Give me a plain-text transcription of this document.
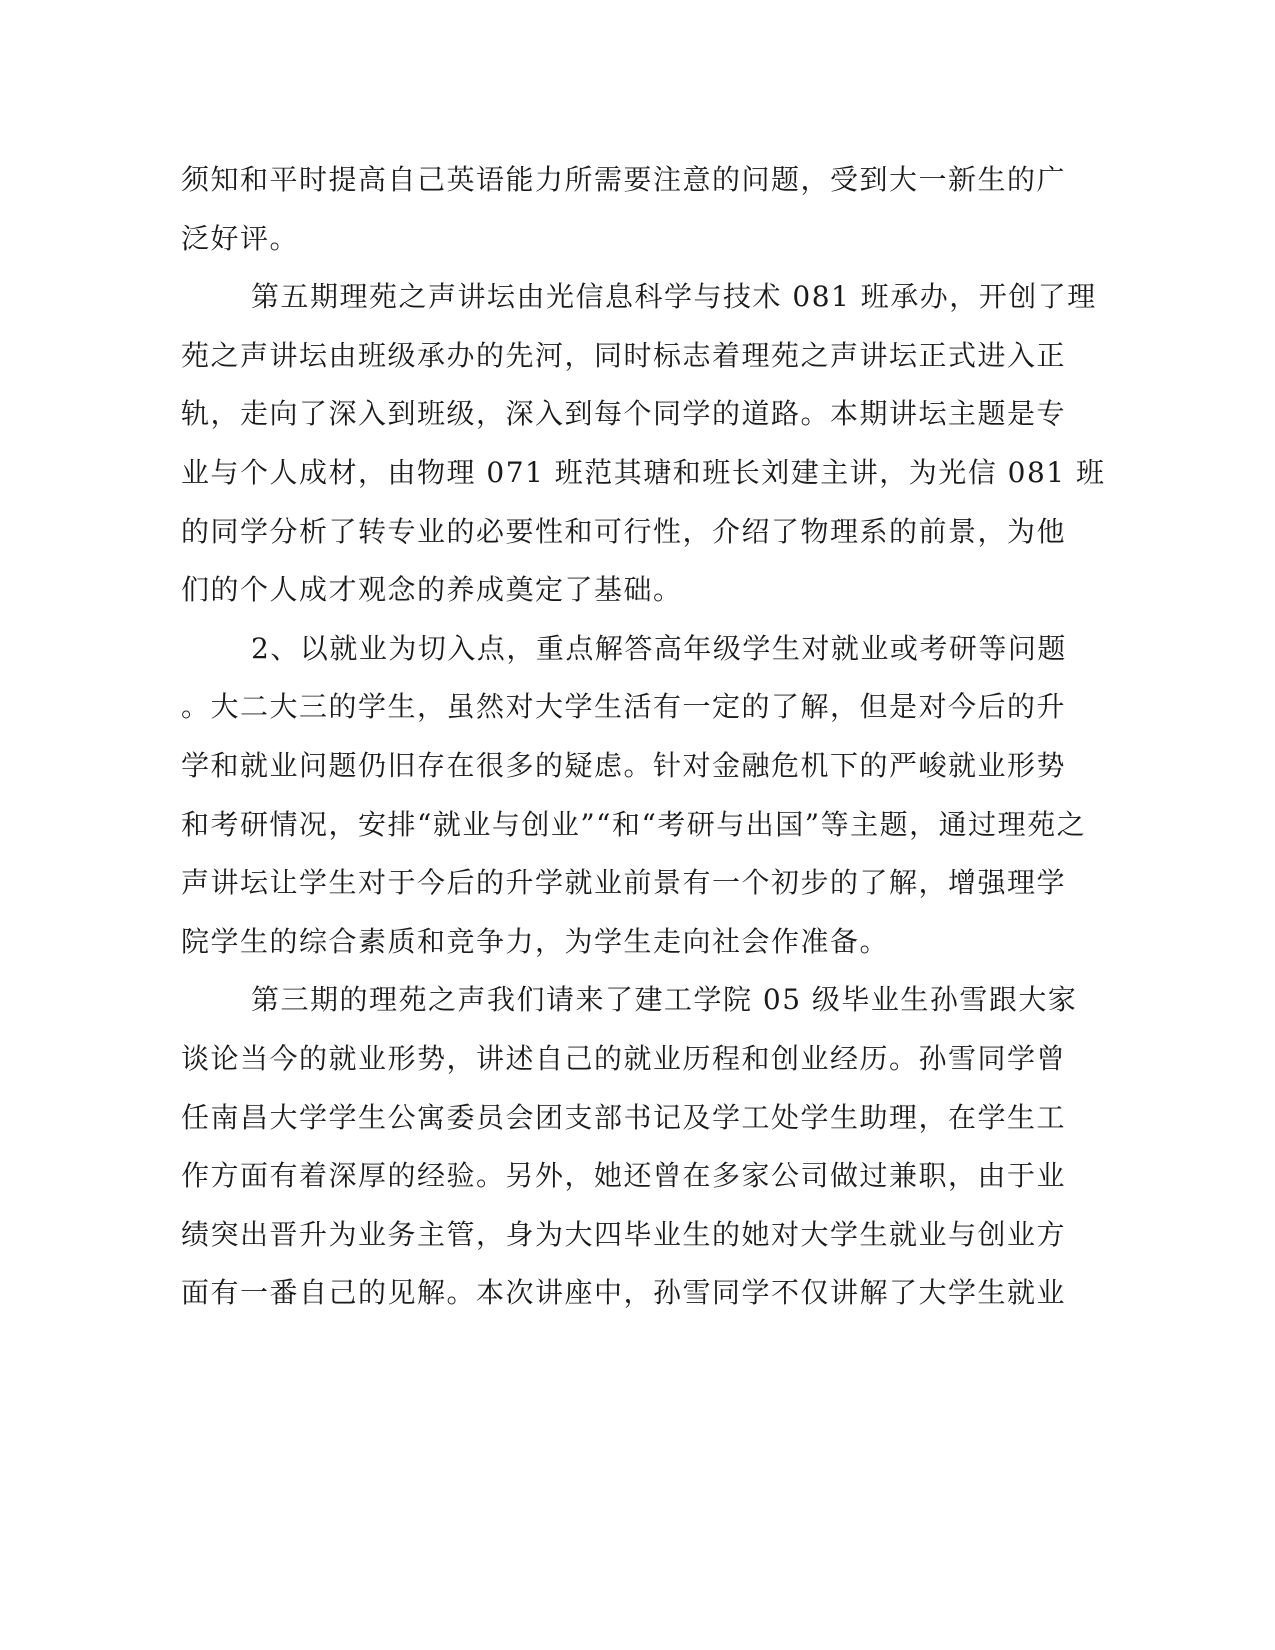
须知和平时提高自己英语能力所需要注意的问题，受到大一新生的广
泛好评。
第五期理苑之声讲坛由光信息科学与技术 081 班承办，开创了理
苑之声讲坛由班级承办的先河，同时标志着理苑之声讲坛正式进入正
轨，走向了深入到班级，深入到每个同学的道路。本期讲坛主题是专
业与个人成材，由物理 071 班范其瑭和班长刘建主讲，为光信 081 班
的同学分析了转专业的必要性和可行性，介绍了物理系的前景，为他
们的个人成才观念的养成奠定了基础。
2、以就业为切入点，重点解答高年级学生对就业或考研等问题
。大二大三的学生，虽然对大学生活有一定的了解，但是对今后的升
学和就业问题仍旧存在很多的疑虑。针对金融危机下的严峻就业形势
和考研情况，安排“就业与创业”“和“考研与出国”等主题，通过理苑之
声讲坛让学生对于今后的升学就业前景有一个初步的了解，增强理学
院学生的综合素质和竞争力，为学生走向社会作准备。
第三期的理苑之声我们请来了建工学院 05 级毕业生孙雪跟大家
谈论当今的就业形势，讲述自己的就业历程和创业经历。孙雪同学曾
任南昌大学学生公寓委员会团支部书记及学工处学生助理，在学生工
作方面有着深厚的经验。另外，她还曾在多家公司做过兼职，由于业
绩突出晋升为业务主管，身为大四毕业生的她对大学生就业与创业方
面有一番自己的见解。本次讲座中，孙雪同学不仅讲解了大学生就业
